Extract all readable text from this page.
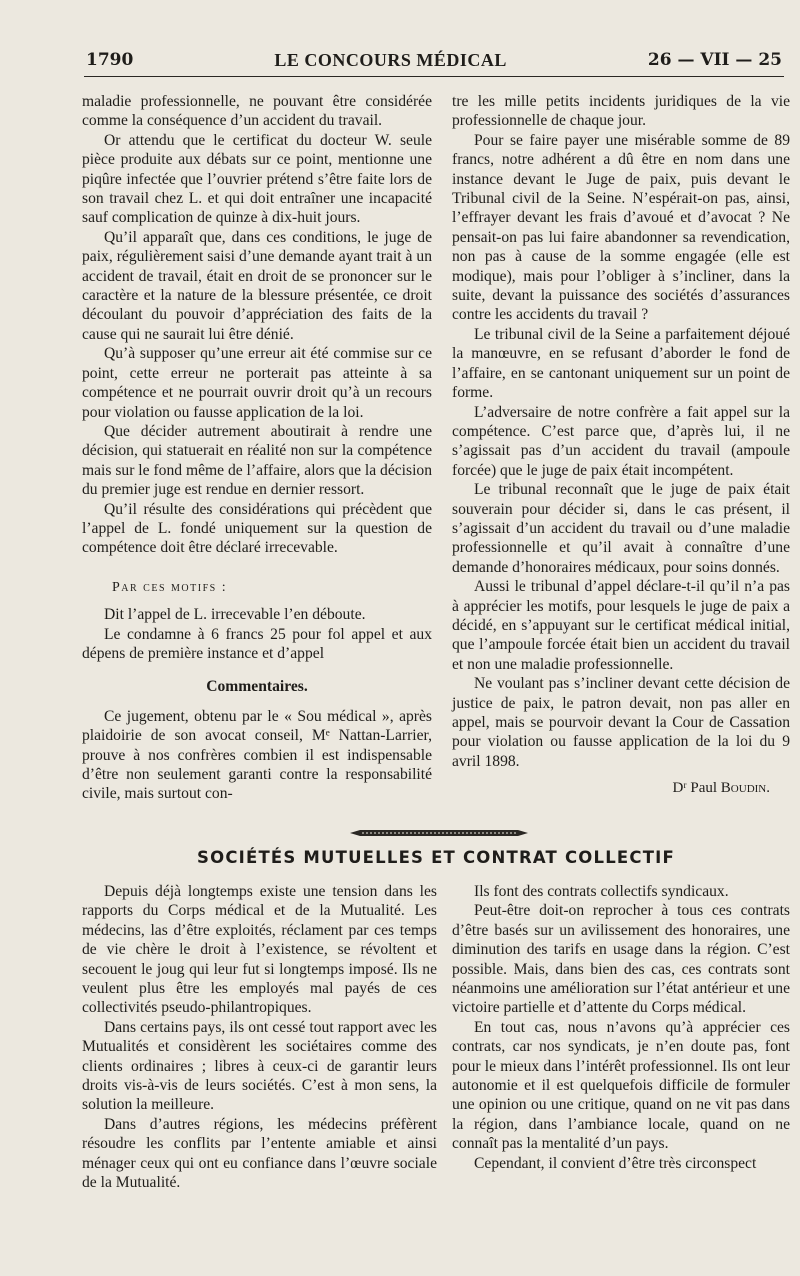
1790	LE CONCOURS MÉDICAL	26 — VII — 25

maladie professionnelle, ne pouvant être considérée comme la conséquence d’un accident du travail.

Or attendu que le certificat du docteur W. seule pièce produite aux débats sur ce point, mentionne une piqûre infectée que l’ouvrier prétend s’être faite lors de son travail chez L. et qui doit entraîner une incapacité sauf complication de quinze à dix-huit jours.

Qu’il apparaît que, dans ces conditions, le juge de paix, régulièrement saisi d’une demande ayant trait à un accident de travail, était en droit de se prononcer sur le caractère et la nature de la blessure présentée, ce droit découlant du pouvoir d’appréciation des faits de la cause qui ne saurait lui être dénié.

Qu’à supposer qu’une erreur ait été commise sur ce point, cette erreur ne porterait pas atteinte à sa compétence et ne pourrait ouvrir droit qu’à un recours pour violation ou fausse application de la loi.

Que décider autrement aboutirait à rendre une décision, qui statuerait en réalité non sur la compétence mais sur le fond même de l’affaire, alors que la décision du premier juge est rendue en dernier ressort.

Qu’il résulte des considérations qui précèdent que l’appel de L. fondé uniquement sur la question de compétence doit être déclaré irrecevable.

Par ces motifs :

Dit l’appel de L. irrecevable l’en déboute.

Le condamne à 6 francs 25 pour fol appel et aux dépens de première instance et d’appel

Commentaires.

Ce jugement, obtenu par le « Sou médical », après plaidoirie de son avocat conseil, Mᵉ Nattan-Larrier, prouve à nos confrères combien il est indispensable d’être non seulement garanti contre la responsabilité civile, mais surtout con-

tre les mille petits incidents juridiques de la vie professionnelle de chaque jour.

Pour se faire payer une misérable somme de 89 francs, notre adhérent a dû être en nom dans une instance devant le Juge de paix, puis devant le Tribunal civil de la Seine. N’espérait-on pas, ainsi, l’effrayer devant les frais d’avoué et d’avocat ? Ne pensait-on pas lui faire abandonner sa revendication, non pas à cause de la somme engagée (elle est modique), mais pour l’obliger à s’incliner, dans la suite, devant la puissance des sociétés d’assurances contre les accidents du travail ?

Le tribunal civil de la Seine a parfaitement déjoué la manœuvre, en se refusant d’aborder le fond de l’affaire, en se cantonant uniquement sur un point de forme.

L’adversaire de notre confrère a fait appel sur la compétence. C’est parce que, d’après lui, il ne s’agissait pas d’un accident du travail (ampoule forcée) que le juge de paix était incompétent.

Le tribunal reconnaît que le juge de paix était souverain pour décider si, dans le cas présent, il s’agissait d’un accident du travail ou d’une maladie professionnelle et qu’il avait à connaître d’une demande d’honoraires médicaux, pour soins donnés.

Aussi le tribunal d’appel déclare-t-il qu’il n’a pas à apprécier les motifs, pour lesquels le juge de paix a décidé, en s’appuyant sur le certificat médical initial, que l’ampoule forcée était bien un accident du travail et non une maladie professionnelle.

Ne voulant pas s’incliner devant cette décision de justice de paix, le patron devait, non pas aller en appel, mais se pourvoir devant la Cour de Cassation pour violation ou fausse application de la loi du 9 avril 1898.

Dʳ Paul Boudin.

SOCIÉTÉS MUTUELLES ET CONTRAT COLLECTIF

Depuis déjà longtemps existe une tension dans les rapports du Corps médical et de la Mutualité. Les médecins, las d’être exploités, réclament par ces temps de vie chère le droit à l’existence, se révoltent et secouent le joug qui leur fut si longtemps imposé. Ils ne veulent plus être les employés mal payés de ces collectivités pseudo-philantropiques.

Dans certains pays, ils ont cessé tout rapport avec les Mutualités et considèrent les sociétaires comme des clients ordinaires ; libres à ceux-ci de garantir leurs droits vis-à-vis de leurs sociétés. C’est à mon sens, la solution la meilleure.

Dans d’autres régions, les médecins préfèrent résoudre les conflits par l’entente amiable et ainsi ménager ceux qui ont eu confiance dans l’œuvre sociale de la Mutualité.

Ils font des contrats collectifs syndicaux.

Peut-être doit-on reprocher à tous ces contrats d’être basés sur un avilissement des honoraires, une diminution des tarifs en usage dans la région. C’est possible. Mais, dans bien des cas, ces contrats sont néanmoins une amélioration sur l’état antérieur et une victoire partielle et d’attente du Corps médical.

En tout cas, nous n’avons qu’à apprécier ces contrats, car nos syndicats, je n’en doute pas, font pour le mieux dans l’intérêt professionnel. Ils ont leur autonomie et il est quelquefois difficile de formuler une opinion ou une critique, quand on ne vit pas dans la région, dans l’ambiance locale, quand on ne connaît pas la mentalité d’un pays.

Cependant, il convient d’être très circonspect
